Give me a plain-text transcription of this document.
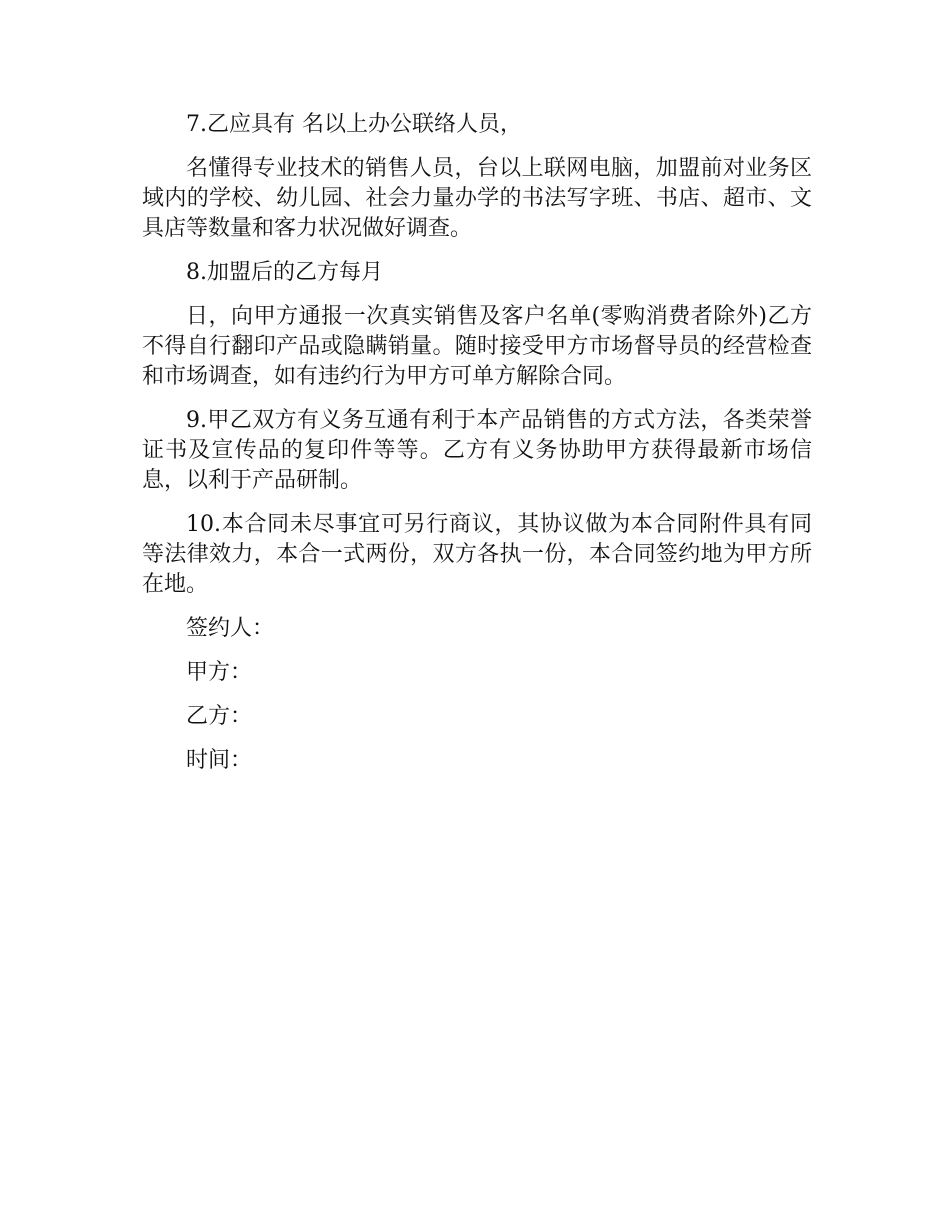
7.乙应具有 名以上办公联络人员，

名懂得专业技术的销售人员，台以上联网电脑，加盟前对业务区域内的学校、幼儿园、社会力量办学的书法写字班、书店、超市、文具店等数量和客力状况做好调查。

8.加盟后的乙方每月

日，向甲方通报一次真实销售及客户名单(零购消费者除外)乙方不得自行翻印产品或隐瞒销量。随时接受甲方市场督导员的经营检查和市场调查，如有违约行为甲方可单方解除合同。

9.甲乙双方有义务互通有利于本产品销售的方式方法，各类荣誉证书及宣传品的复印件等等。乙方有义务协助甲方获得最新市场信息，以利于产品研制。

10.本合同未尽事宜可另行商议，其协议做为本合同附件具有同等法律效力，本合一式两份，双方各执一份，本合同签约地为甲方所在地。

签约人：

甲方：

乙方：

时间：
